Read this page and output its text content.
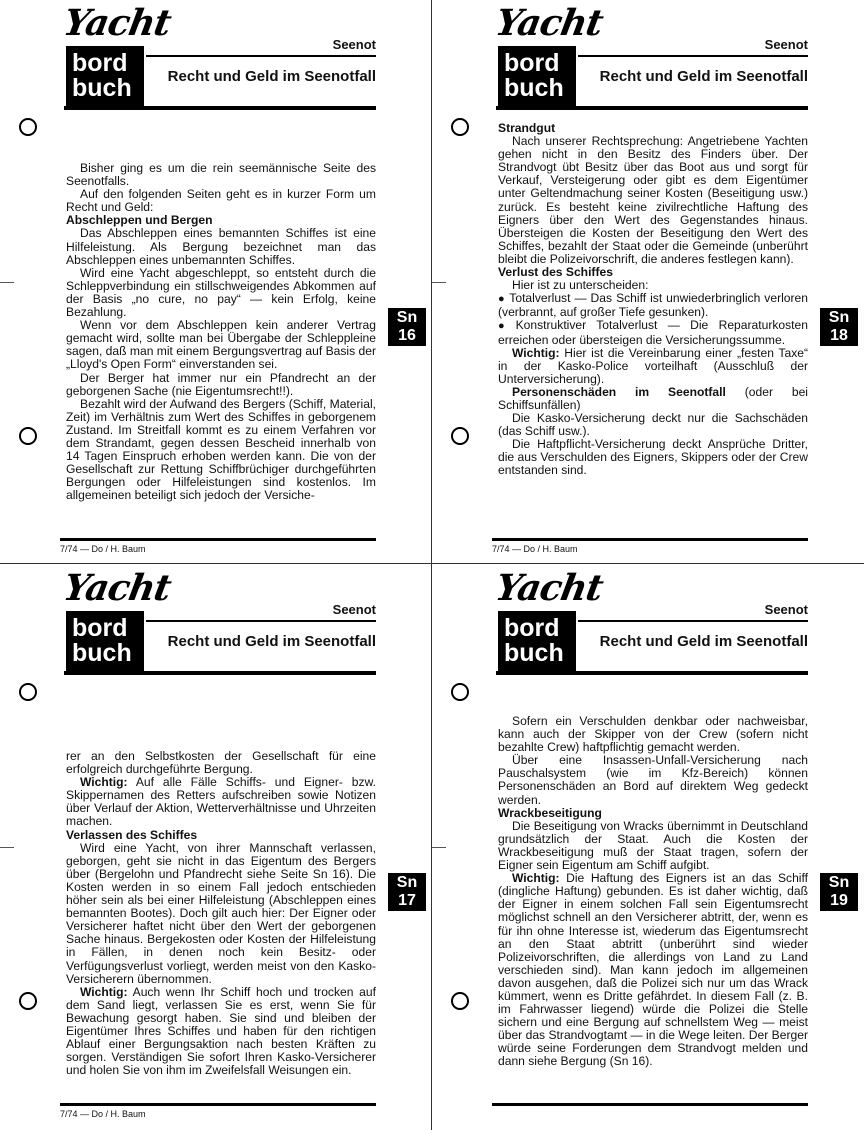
Yacht
bord
buch
Seenot
Recht und Geld im Seenotfall

Bisher ging es um die rein seemännische Seite des Seenotfalls.

Auf den folgenden Seiten geht es in kurzer Form um Recht und Geld:

Abschleppen und Bergen

Das Abschleppen eines bemannten Schiffes ist eine Hilfeleistung. Als Bergung bezeichnet man das Abschleppen eines unbemannten Schiffes.

Wird eine Yacht abgeschleppt, so entsteht durch die Schleppverbindung ein stillschweigendes Abkommen auf der Basis „no cure, no pay“ — kein Erfolg, keine Bezahlung.

Wenn vor dem Abschleppen kein anderer Vertrag gemacht wird, sollte man bei Übergabe der Schleppleine sagen, daß man mit einem Bergungsvertrag auf Basis der „Lloyd's Open Form“ einverstanden sei.

Der Berger hat immer nur ein Pfandrecht an der geborgenen Sache (nie Eigentumsrecht!!).

Bezahlt wird der Aufwand des Bergers (Schiff, Material, Zeit) im Verhältnis zum Wert des Schiffes in geborgenem Zustand. Im Streitfall kommt es zu einem Verfahren vor dem Strandamt, gegen dessen Bescheid innerhalb von 14 Tagen Einspruch erhoben werden kann. Die von der Gesellschaft zur Rettung Schiffbrüchiger durchgeführten Bergungen oder Hilfeleistungen sind kostenlos. Im allgemeinen beteiligt sich jedoch der Versiche-

Sn
16
7/74 — Do / H. Baum
Yacht
bord
buch
Seenot
Recht und Geld im Seenotfall
Strandgut

Nach unserer Rechtsprechung: Angetriebene Yachten gehen nicht in den Besitz des Finders über. Der Strandvogt übt Besitz über das Boot aus und sorgt für Verkauf, Versteigerung oder gibt es dem Eigentümer unter Geltendmachung seiner Kosten (Beseitigung usw.) zurück. Es besteht keine zivilrechtliche Haftung des Eigners über den Wert des Gegenstandes hinaus. Übersteigen die Kosten der Beseitigung den Wert des Schiffes, bezahlt der Staat oder die Gemeinde (unberührt bleibt die Polizeivorschrift, die anderes festlegen kann).

Verlust des Schiffes

Hier ist zu unterscheiden:

● Totalverlust — Das Schiff ist unwiederbringlich verloren (verbrannt, auf großer Tiefe gesunken).

● Konstruktiver Totalverlust — Die Reparaturkosten erreichen oder übersteigen die Versicherungssumme.

Wichtig: Hier ist die Vereinbarung einer „festen Taxe“ in der Kasko-Police vorteilhaft (Ausschluß der Unterversicherung).

Personenschäden im Seenotfall (oder bei Schiffsunfällen)

Die Kasko-Versicherung deckt nur die Sachschäden (das Schiff usw.).

Die Haftpflicht-Versicherung deckt Ansprüche Dritter, die aus Verschulden des Eigners, Skippers oder der Crew entstanden sind.

Sn
18
7/74 — Do / H. Baum
Yacht
bord
buch
Seenot
Recht und Geld im Seenotfall

rer an den Selbstkosten der Gesellschaft für eine erfolgreich durchgeführte Bergung.

Wichtig: Auf alle Fälle Schiffs- und Eigner- bzw. Skippernamen des Retters aufschreiben sowie Notizen über Verlauf der Aktion, Wetterverhältnisse und Uhrzeiten machen.

Verlassen des Schiffes

Wird eine Yacht, von ihrer Mannschaft verlassen, geborgen, geht sie nicht in das Eigentum des Bergers über (Bergelohn und Pfandrecht siehe Seite Sn 16). Die Kosten werden in so einem Fall jedoch entschieden höher sein als bei einer Hilfeleistung (Abschleppen eines bemannten Bootes). Doch gilt auch hier: Der Eigner oder Versicherer haftet nicht über den Wert der geborgenen Sache hinaus. Bergekosten oder Kosten der Hilfeleistung in Fällen, in denen noch kein Besitz- oder Verfügungsverlust vorliegt, werden meist von den Kasko-Versicherern übernommen.

Wichtig: Auch wenn Ihr Schiff hoch und trocken auf dem Sand liegt, verlassen Sie es erst, wenn Sie für Bewachung gesorgt haben. Sie sind und bleiben der Eigentümer Ihres Schiffes und haben für den richtigen Ablauf einer Bergungsaktion nach besten Kräften zu sorgen. Verständigen Sie sofort Ihren Kasko-Versicherer und holen Sie von ihm im Zweifelsfall Weisungen ein.

Sn
17
7/74 — Do / H. Baum
Yacht
bord
buch
Seenot
Recht und Geld im Seenotfall

Sofern ein Verschulden denkbar oder nachweisbar, kann auch der Skipper von der Crew (sofern nicht bezahlte Crew) haftpflichtig gemacht werden.

Über eine Insassen-Unfall-Versicherung nach Pauschalsystem (wie im Kfz-Bereich) können Personenschäden an Bord auf direktem Weg gedeckt werden.

Wrackbeseitigung

Die Beseitigung von Wracks übernimmt in Deutschland grundsätzlich der Staat. Auch die Kosten der Wrackbeseitigung muß der Staat tragen, sofern der Eigner sein Eigentum am Schiff aufgibt.

Wichtig: Die Haftung des Eigners ist an das Schiff (dingliche Haftung) gebunden. Es ist daher wichtig, daß der Eigner in einem solchen Fall sein Eigentumsrecht möglichst schnell an den Versicherer abtritt, der, wenn es für ihn ohne Interesse ist, wiederum das Eigentumsrecht an den Staat abtritt (unberührt sind wieder Polizeivorschriften, die allerdings von Land zu Land verschieden sind). Man kann jedoch im allgemeinen davon ausgehen, daß die Polizei sich nur um das Wrack kümmert, wenn es Dritte gefährdet. In diesem Fall (z. B. im Fahrwasser liegend) würde die Polizei die Stelle sichern und eine Bergung auf schnellstem Weg — meist über das Strandvogtamt — in die Wege leiten. Der Berger würde seine Forderungen dem Strandvogt melden und dann siehe Bergung (Sn 16).

Sn
19
